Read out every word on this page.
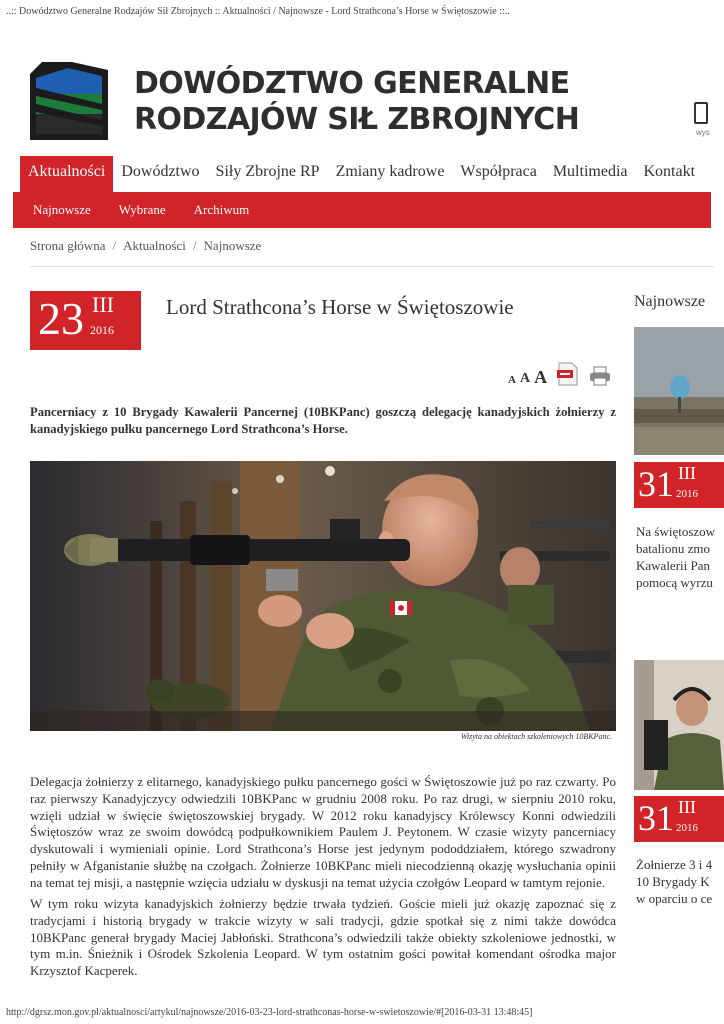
..:: Dowództwo Generalne Rodzajów Sił Zbrojnych :: Aktualności / Najnowsze - Lord Strathcona’s Horse w Świętoszowie ::..
DOWÓDZTWO GENERALNE
RODZAJÓW SIŁ ZBROJNYCH	wys
Aktualności	Dowództwo	Siły Zbrojne RP	Zmiany kadrowe	Współpraca	Multimedia	Kontakt
Najnowsze	Wybrane	Archiwum
Strona główna / Aktualności / Najnowsze
23 III
2016
Lord Strathcona’s Horse w Świętoszowie
A A A

Pancerniacy z 10 Brygady Kawalerii Pancernej (10BKPanc) goszczą delegację kanadyjskich żołnierzy z kanadyjskiego pułku pancernego Lord Strathcona’s Horse.

Wizyta na obiektach szkoleniowych 10BKPanc.

Delegacja żołnierzy z elitarnego, kanadyjskiego pułku pancernego gości w Świętoszowie już po raz czwarty. Po raz pierwszy Kanadyjczycy odwiedzili 10BKPanc w grudniu 2008 roku. Po raz drugi, w sierpniu 2010 roku, wzięli udział w święcie świętoszowskiej brygady. W 2012 roku kanadyjscy Królewscy Konni odwiedzili Świętoszów wraz ze swoim dowódcą podpułkownikiem Paulem J. Peytonem. W czasie wizyty pancerniacy dyskutowali i wymieniali opinie. Lord Strathcona’s Horse jest jedynym pododdziałem, którego szwadrony pełniły w Afganistanie służbę na czołgach. Żołnierze 10BKPanc mieli niecodzienną okazję wysłuchania opinii na temat tej misji, a następnie wzięcia udziału w dyskusji na temat użycia czołgów Leopard w tamtym rejonie.

W tym roku wizyta kanadyjskich żołnierzy będzie trwała tydzień. Goście mieli już okazję zapoznać się z tradycjami i historią brygady w trakcie wizyty w sali tradycji, gdzie spotkał się z nimi także dowódca 10BKPanc generał brygady Maciej Jabłoński. Strathcona’s odwiedzili także obiekty szkoleniowe jednostki, w tym m.in. Śnieżnik i Ośrodek Szkolenia Leopard. W tym ostatnim gości powitał komendant ośrodka major Krzysztof Kacperek.

Najnowsze
31 III
2016
Na świętoszow
batalionu zmo
Kawalerii Pan
pomocą wyrzu
31 III
2016
Żołnierze 3 i 4
10 Brygady K
w oparciu o ce
http://dgrsz.mon.gov.pl/aktualnosci/artykul/najnowsze/2016-03-23-lord-strathconas-horse-w-swietoszowie/#[2016-03-31 13:48:45]
